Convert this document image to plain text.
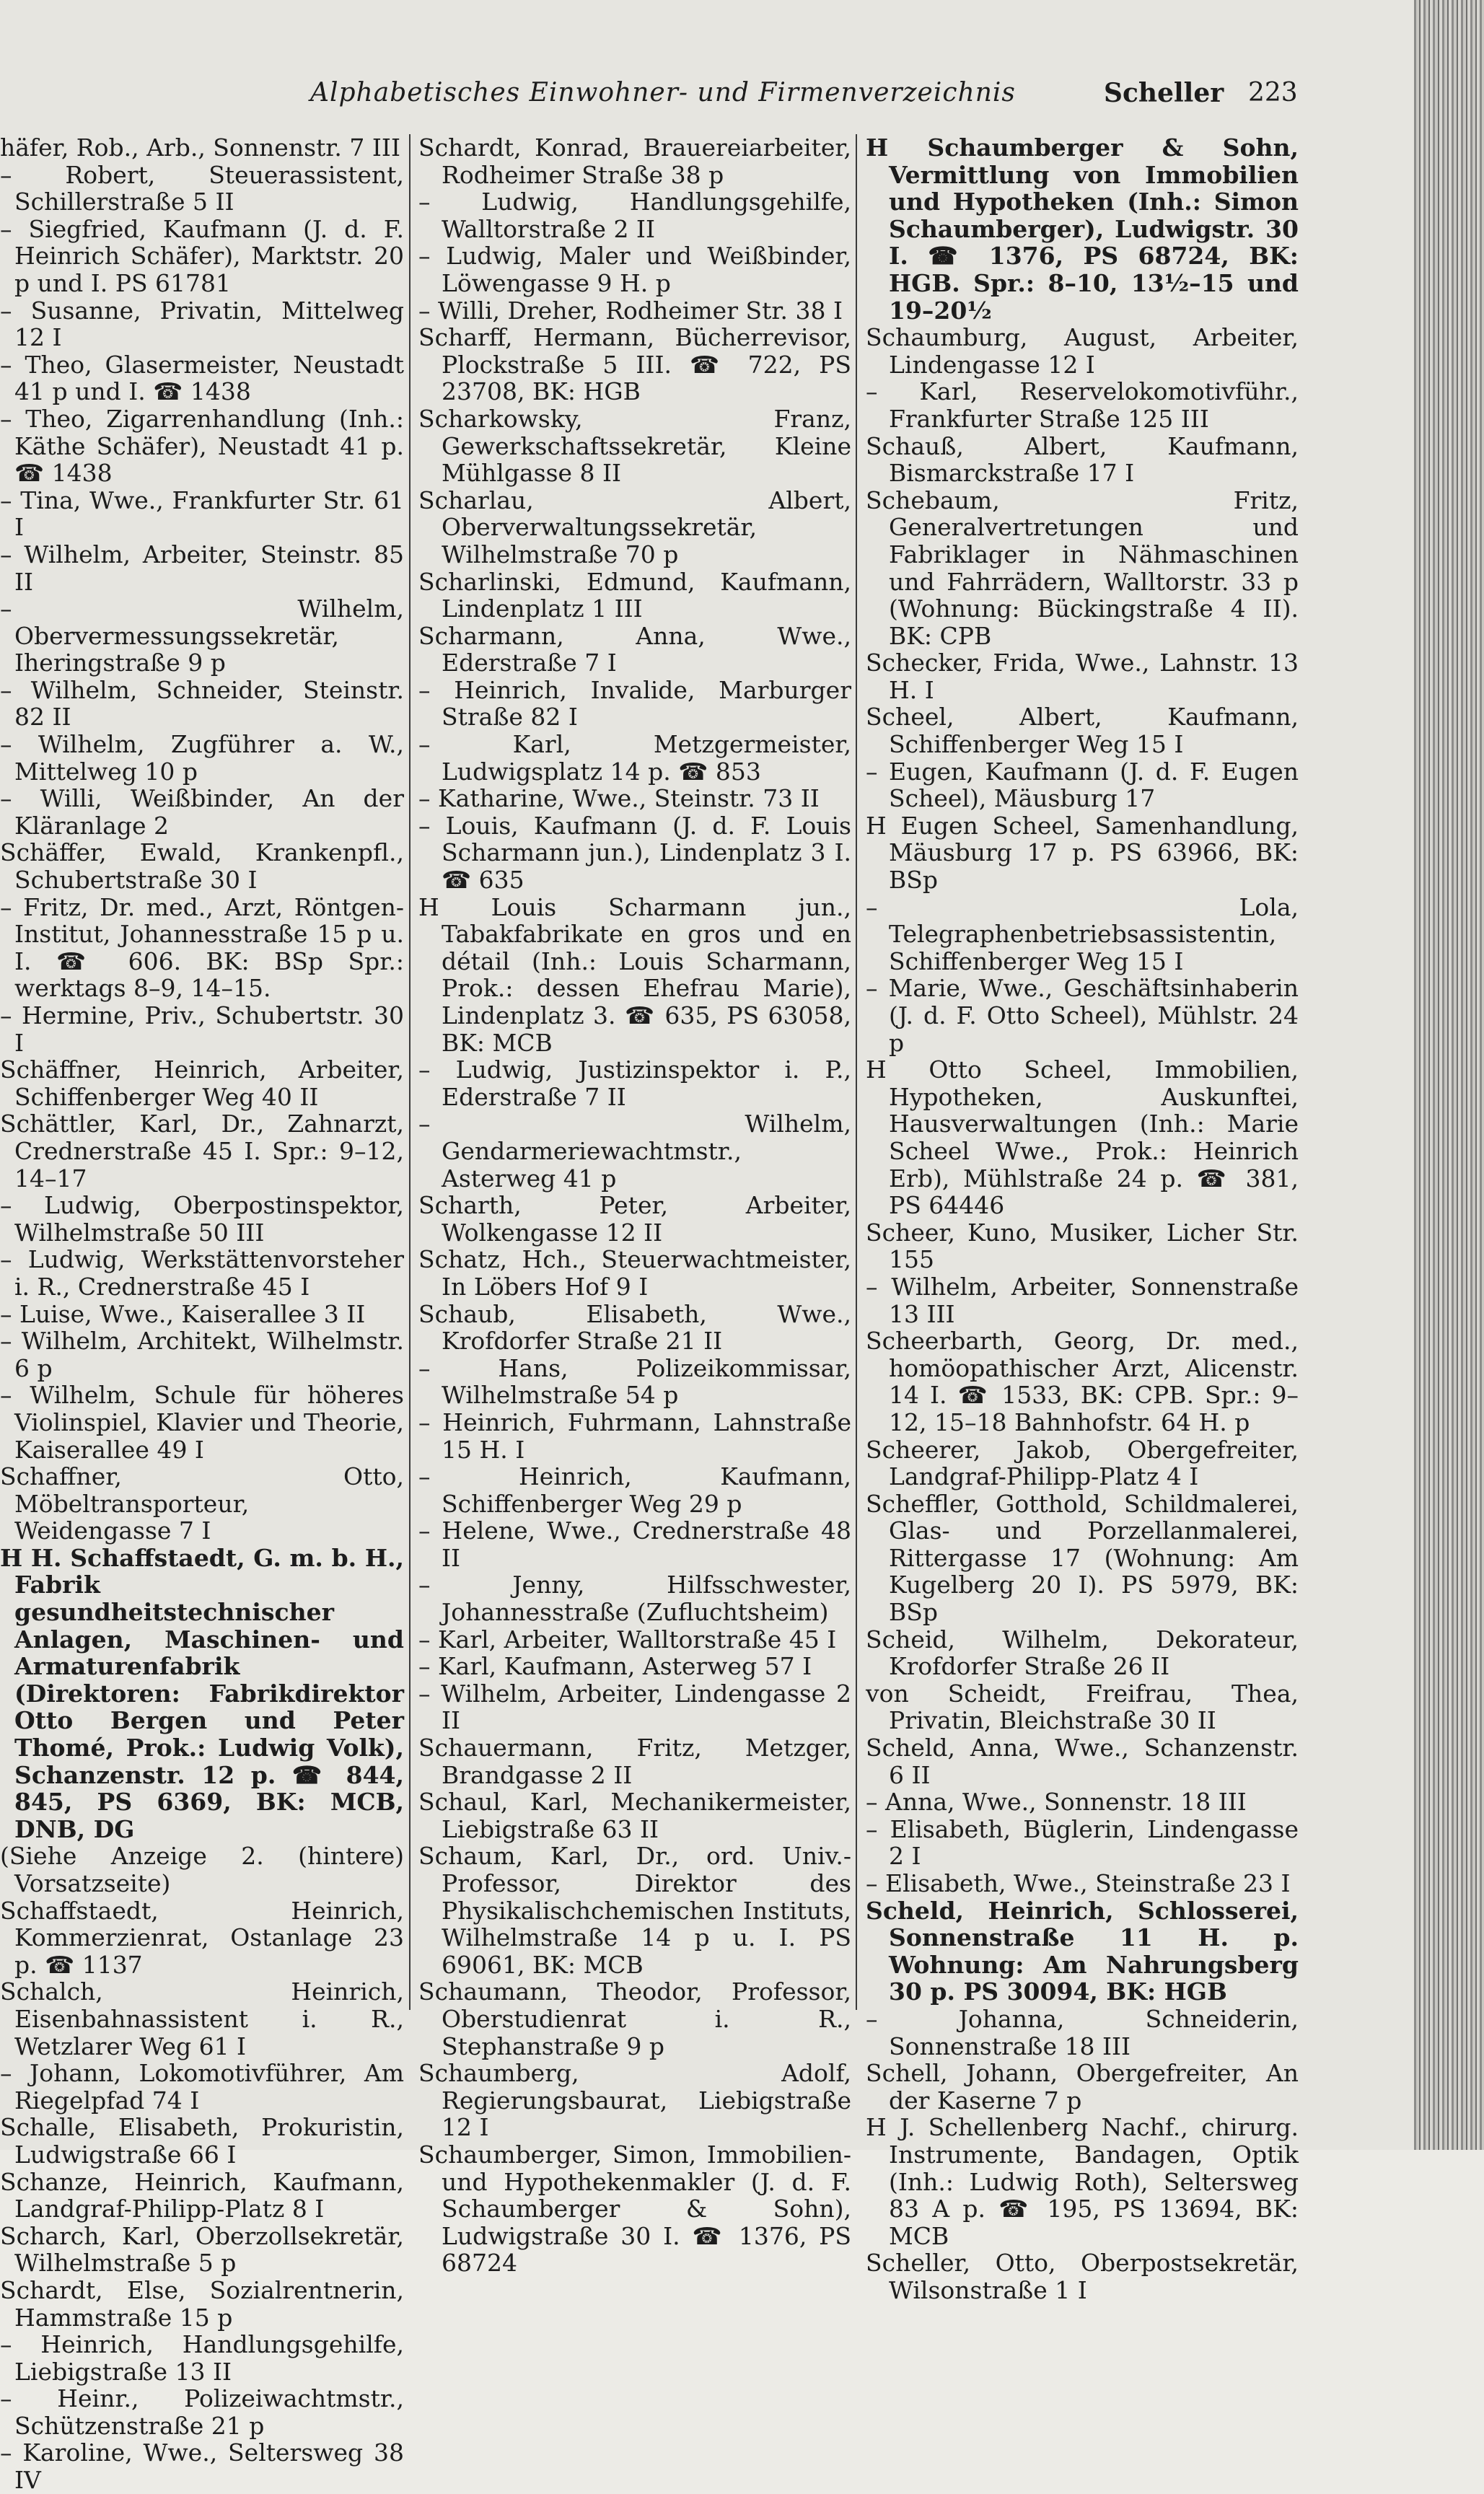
Alphabetisches Einwohner- und Firmenverzeichnis	Scheller 223
häfer, Rob., Arb., Sonnenstr. 7 III
– Robert, Steuerassistent, Schillerstraße 5 II
– Siegfried, Kaufmann (J. d. F. Heinrich Schäfer), Marktstr. 20 p und I. PS 61781
– Susanne, Privatin, Mittelweg 12 I
– Theo, Glasermeister, Neustadt 41 p und I. ☎ 1438
– Theo, Zigarrenhandlung (Inh.: Käthe Schäfer), Neustadt 41 p. ☎ 1438
– Tina, Wwe., Frankfurter Str. 61 I
– Wilhelm, Arbeiter, Steinstr. 85 II
– Wilhelm, Obervermessungssekretär, Iheringstraße 9 p
– Wilhelm, Schneider, Steinstr. 82 II
– Wilhelm, Zugführer a. W., Mittelweg 10 p
– Willi, Weißbinder, An der Kläranlage 2
Schäffer, Ewald, Krankenpfl., Schubertstraße 30 I
– Fritz, Dr. med., Arzt, Röntgen-Institut, Johannesstraße 15 p u. I. ☎ 606. BK: BSp Spr.: werktags 8–9, 14–15.
– Hermine, Priv., Schubertstr. 30 I
Schäffner, Heinrich, Arbeiter, Schiffenberger Weg 40 II
Schättler, Karl, Dr., Zahnarzt, Crednerstraße 45 I. Spr.: 9–12, 14–17
– Ludwig, Oberpostinspektor, Wilhelmstraße 50 III
– Ludwig, Werkstättenvorsteher i. R., Crednerstraße 45 I
– Luise, Wwe., Kaiserallee 3 II
– Wilhelm, Architekt, Wilhelmstr. 6 p
– Wilhelm, Schule für höheres Violinspiel, Klavier und Theorie, Kaiserallee 49 I
Schaffner, Otto, Möbeltransporteur, Weidengasse 7 I
H H. Schaffstaedt, G. m. b. H., Fabrik gesundheitstechnischer Anlagen, Maschinen- und Armaturenfabrik (Direktoren: Fabrikdirektor Otto Bergen und Peter Thomé, Prok.: Ludwig Volk), Schanzenstr. 12 p. ☎ 844, 845, PS 6369, BK: MCB, DNB, DG
(Siehe Anzeige 2. (hintere) Vorsatzseite)
Schaffstaedt, Heinrich, Kommerzienrat, Ostanlage 23 p. ☎ 1137
Schalch, Heinrich, Eisenbahnassistent i. R., Wetzlarer Weg 61 I
– Johann, Lokomotivführer, Am Riegelpfad 74 I
Schalle, Elisabeth, Prokuristin, Ludwigstraße 66 I
Schanze, Heinrich, Kaufmann, Landgraf-Philipp-Platz 8 I
Scharch, Karl, Oberzollsekretär, Wilhelmstraße 5 p
Schardt, Else, Sozialrentnerin, Hammstraße 15 p
– Heinrich, Handlungsgehilfe, Liebigstraße 13 II
– Heinr., Polizeiwachtmstr., Schützenstraße 21 p
– Karoline, Wwe., Seltersweg 38 IV
Schardt, Konrad, Brauereiarbeiter, Rodheimer Straße 38 p
– Ludwig, Handlungsgehilfe, Walltorstraße 2 II
– Ludwig, Maler und Weißbinder, Löwengasse 9 H. p
– Willi, Dreher, Rodheimer Str. 38 I
Scharff, Hermann, Bücherrevisor, Plockstraße 5 III. ☎ 722, PS 23708, BK: HGB
Scharkowsky, Franz, Gewerkschaftssekretär, Kleine Mühlgasse 8 II
Scharlau, Albert, Oberverwaltungssekretär, Wilhelmstraße 70 p
Scharlinski, Edmund, Kaufmann, Lindenplatz 1 III
Scharmann, Anna, Wwe., Ederstraße 7 I
– Heinrich, Invalide, Marburger Straße 82 I
– Karl, Metzgermeister, Ludwigsplatz 14 p. ☎ 853
– Katharine, Wwe., Steinstr. 73 II
– Louis, Kaufmann (J. d. F. Louis Scharmann jun.), Lindenplatz 3 I. ☎ 635
H Louis Scharmann jun., Tabakfabrikate en gros und en détail (Inh.: Louis Scharmann, Prok.: dessen Ehefrau Marie), Lindenplatz 3. ☎ 635, PS 63058, BK: MCB
– Ludwig, Justizinspektor i. P., Ederstraße 7 II
– Wilhelm, Gendarmeriewachtmstr., Asterweg 41 p
Scharth, Peter, Arbeiter, Wolkengasse 12 II
Schatz, Hch., Steuerwachtmeister, In Löbers Hof 9 I
Schaub, Elisabeth, Wwe., Krofdorfer Straße 21 II
– Hans, Polizeikommissar, Wilhelmstraße 54 p
– Heinrich, Fuhrmann, Lahnstraße 15 H. I
– Heinrich, Kaufmann, Schiffenberger Weg 29 p
– Helene, Wwe., Crednerstraße 48 II
– Jenny, Hilfsschwester, Johannesstraße (Zufluchtsheim)
– Karl, Arbeiter, Walltorstraße 45 I
– Karl, Kaufmann, Asterweg 57 I
– Wilhelm, Arbeiter, Lindengasse 2 II
Schauermann, Fritz, Metzger, Brandgasse 2 II
Schaul, Karl, Mechanikermeister, Liebigstraße 63 II
Schaum, Karl, Dr., ord. Univ.-Professor, Direktor des Physikalischchemischen Instituts, Wilhelmstraße 14 p u. I. PS 69061, BK: MCB
Schaumann, Theodor, Professor, Oberstudienrat i. R., Stephanstraße 9 p
Schaumberg, Adolf, Regierungsbaurat, Liebigstraße 12 I
Schaumberger, Simon, Immobilien- und Hypothekenmakler (J. d. F. Schaumberger & Sohn), Ludwigstraße 30 I. ☎ 1376, PS 68724
H Schaumberger & Sohn, Vermittlung von Immobilien und Hypotheken (Inh.: Simon Schaumberger), Ludwigstr. 30 I. ☎ 1376, PS 68724, BK: HGB. Spr.: 8–10, 13½–15 und 19–20½
Schaumburg, August, Arbeiter, Lindengasse 12 I
– Karl, Reservelokomotivführ., Frankfurter Straße 125 III
Schauß, Albert, Kaufmann, Bismarckstraße 17 I
Schebaum, Fritz, Generalvertretungen und Fabriklager in Nähmaschinen und Fahrrädern, Walltorstr. 33 p (Wohnung: Bückingstraße 4 II). BK: CPB
Schecker, Frida, Wwe., Lahnstr. 13 H. I
Scheel, Albert, Kaufmann, Schiffenberger Weg 15 I
– Eugen, Kaufmann (J. d. F. Eugen Scheel), Mäusburg 17
H Eugen Scheel, Samenhandlung, Mäusburg 17 p. PS 63966, BK: BSp
– Lola, Telegraphenbetriebsassistentin, Schiffenberger Weg 15 I
– Marie, Wwe., Geschäftsinhaberin (J. d. F. Otto Scheel), Mühlstr. 24 p
H Otto Scheel, Immobilien, Hypotheken, Auskunftei, Hausverwaltungen (Inh.: Marie Scheel Wwe., Prok.: Heinrich Erb), Mühlstraße 24 p. ☎ 381, PS 64446
Scheer, Kuno, Musiker, Licher Str. 155
– Wilhelm, Arbeiter, Sonnenstraße 13 III
Scheerbarth, Georg, Dr. med., homöopathischer Arzt, Alicenstr. 14 I. ☎ 1533, BK: CPB. Spr.: 9–12, 15–18 Bahnhofstr. 64 H. p
Scheerer, Jakob, Obergefreiter, Landgraf-Philipp-Platz 4 I
Scheffler, Gotthold, Schildmalerei, Glas- und Porzellanmalerei, Rittergasse 17 (Wohnung: Am Kugelberg 20 I). PS 5979, BK: BSp
Scheid, Wilhelm, Dekorateur, Krofdorfer Straße 26 II
von Scheidt, Freifrau, Thea, Privatin, Bleichstraße 30 II
Scheld, Anna, Wwe., Schanzenstr. 6 II
– Anna, Wwe., Sonnenstr. 18 III
– Elisabeth, Büglerin, Lindengasse 2 I
– Elisabeth, Wwe., Steinstraße 23 I
Scheld, Heinrich, Schlosserei, Sonnenstraße 11 H. p. Wohnung: Am Nahrungsberg 30 p. PS 30094, BK: HGB
– Johanna, Schneiderin, Sonnenstraße 18 III
Schell, Johann, Obergefreiter, An der Kaserne 7 p
H J. Schellenberg Nachf., chirurg. Instrumente, Bandagen, Optik (Inh.: Ludwig Roth), Seltersweg 83 A p. ☎ 195, PS 13694, BK: MCB
Scheller, Otto, Oberpostsekretär, Wilsonstraße 1 I
